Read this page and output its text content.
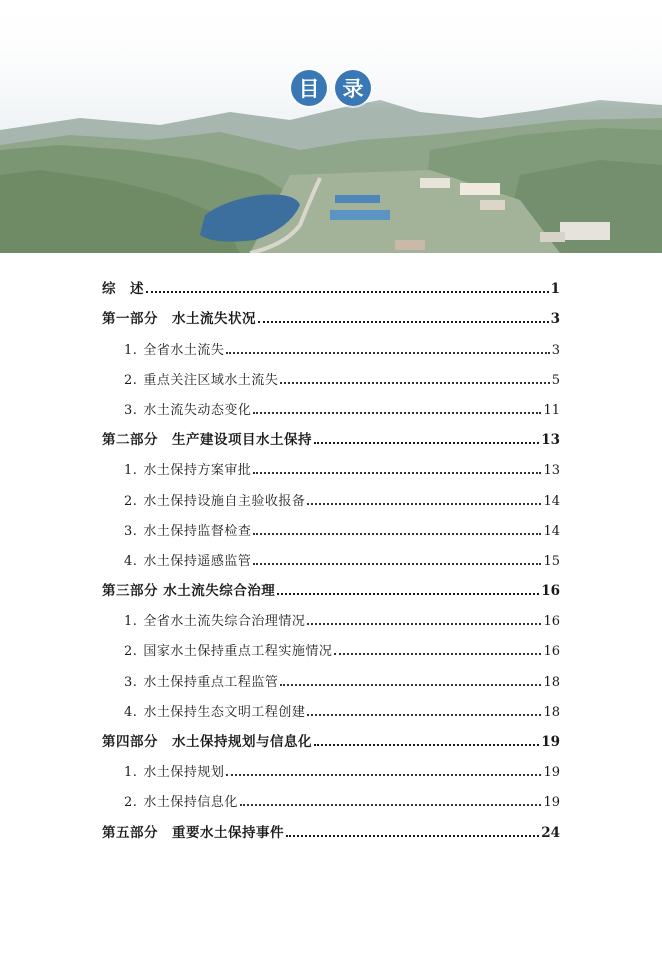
目	录
综　述	1
第一部分　水土流失状况	3
1. 全省水土流失	3
2. 重点关注区域水土流失	5
3. 水土流失动态变化	11
第二部分　生产建设项目水土保持	13
1. 水土保持方案审批	13
2. 水土保持设施自主验收报备	14
3. 水土保持监督检查	14
4. 水土保持遥感监管	15
第三部分 水土流失综合治理	16
1. 全省水土流失综合治理情况	16
2. 国家水土保持重点工程实施情况	16
3. 水土保持重点工程监管	18
4. 水土保持生态文明工程创建	18
第四部分　水土保持规划与信息化	19
1. 水土保持规划	19
2. 水土保持信息化	19
第五部分　重要水土保持事件	24
